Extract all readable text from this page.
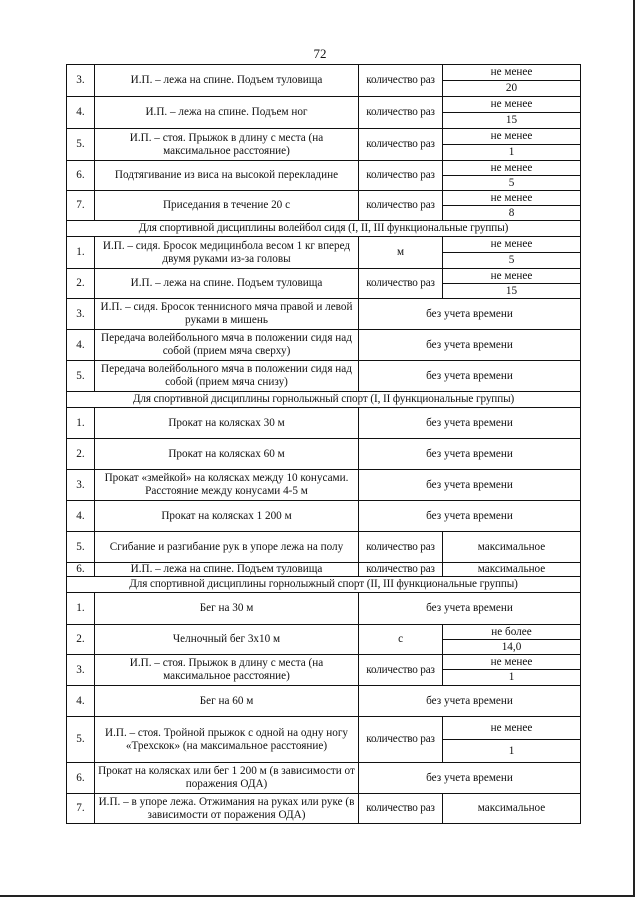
72
3.	И.П. – лежа на спине. Подъем туловища	количество раз	не менее
			20
4.	И.П. – лежа на спине. Подъем ног	количество раз	не менее
			15
5.	И.П. – стоя. Прыжок в длину с места (на максимальное расстояние)	количество раз	не менее
			1
6.	Подтягивание из виса на высокой перекладине	количество раз	не менее
			5
7.	Приседания в течение 20 с	количество раз	не менее
			8
Для спортивной дисциплины волейбол сидя (I, II, III функциональные группы)			
1.	И.П. – сидя. Бросок медицинбола весом 1 кг вперед двумя руками из-за головы	м	не менее
			5
2.	И.П. – лежа на спине. Подъем туловища	количество раз	не менее
			15
3.	И.П. – сидя. Бросок теннисного мяча правой и левой руками в мишень	без учета времени	
4.	Передача волейбольного мяча в положении сидя над собой (прием мяча сверху)	без учета времени	
5.	Передача волейбольного мяча в положении сидя над собой (прием мяча снизу)	без учета времени	
Для спортивной дисциплины горнолыжный спорт (I, II функциональные группы)			
1.	Прокат на колясках 30 м	без учета времени	
2.	Прокат на колясках 60 м	без учета времени	
3.	Прокат «змейкой» на колясках между 10 конусами. Расстояние между конусами 4-5 м	без учета времени	
4.	Прокат на колясках 1 200 м	без учета времени	
5.	Сгибание и разгибание рук в упоре лежа на полу	количество раз	максимальное
6.	И.П. – лежа на спине. Подъем туловища	количество раз	максимальное
Для спортивной дисциплины горнолыжный спорт (II, III функциональные группы)			
1.	Бег на 30 м	без учета времени	
2.	Челночный бег 3x10 м	с	не более
			14,0
3.	И.П. – стоя. Прыжок в длину с места (на максимальное расстояние)	количество раз	не менее
			1
4.	Бег на 60 м	без учета времени	
5.	И.П. – стоя. Тройной прыжок с одной на одну ногу «Трехскок» (на максимальное расстояние)	количество раз	не менее
			1
6.	Прокат на колясках или бег 1 200 м (в зависимости от поражения ОДА)	без учета времени	
7.	И.П. – в упоре лежа. Отжимания на руках или руке (в зависимости от поражения ОДА)	количество раз	максимальное
